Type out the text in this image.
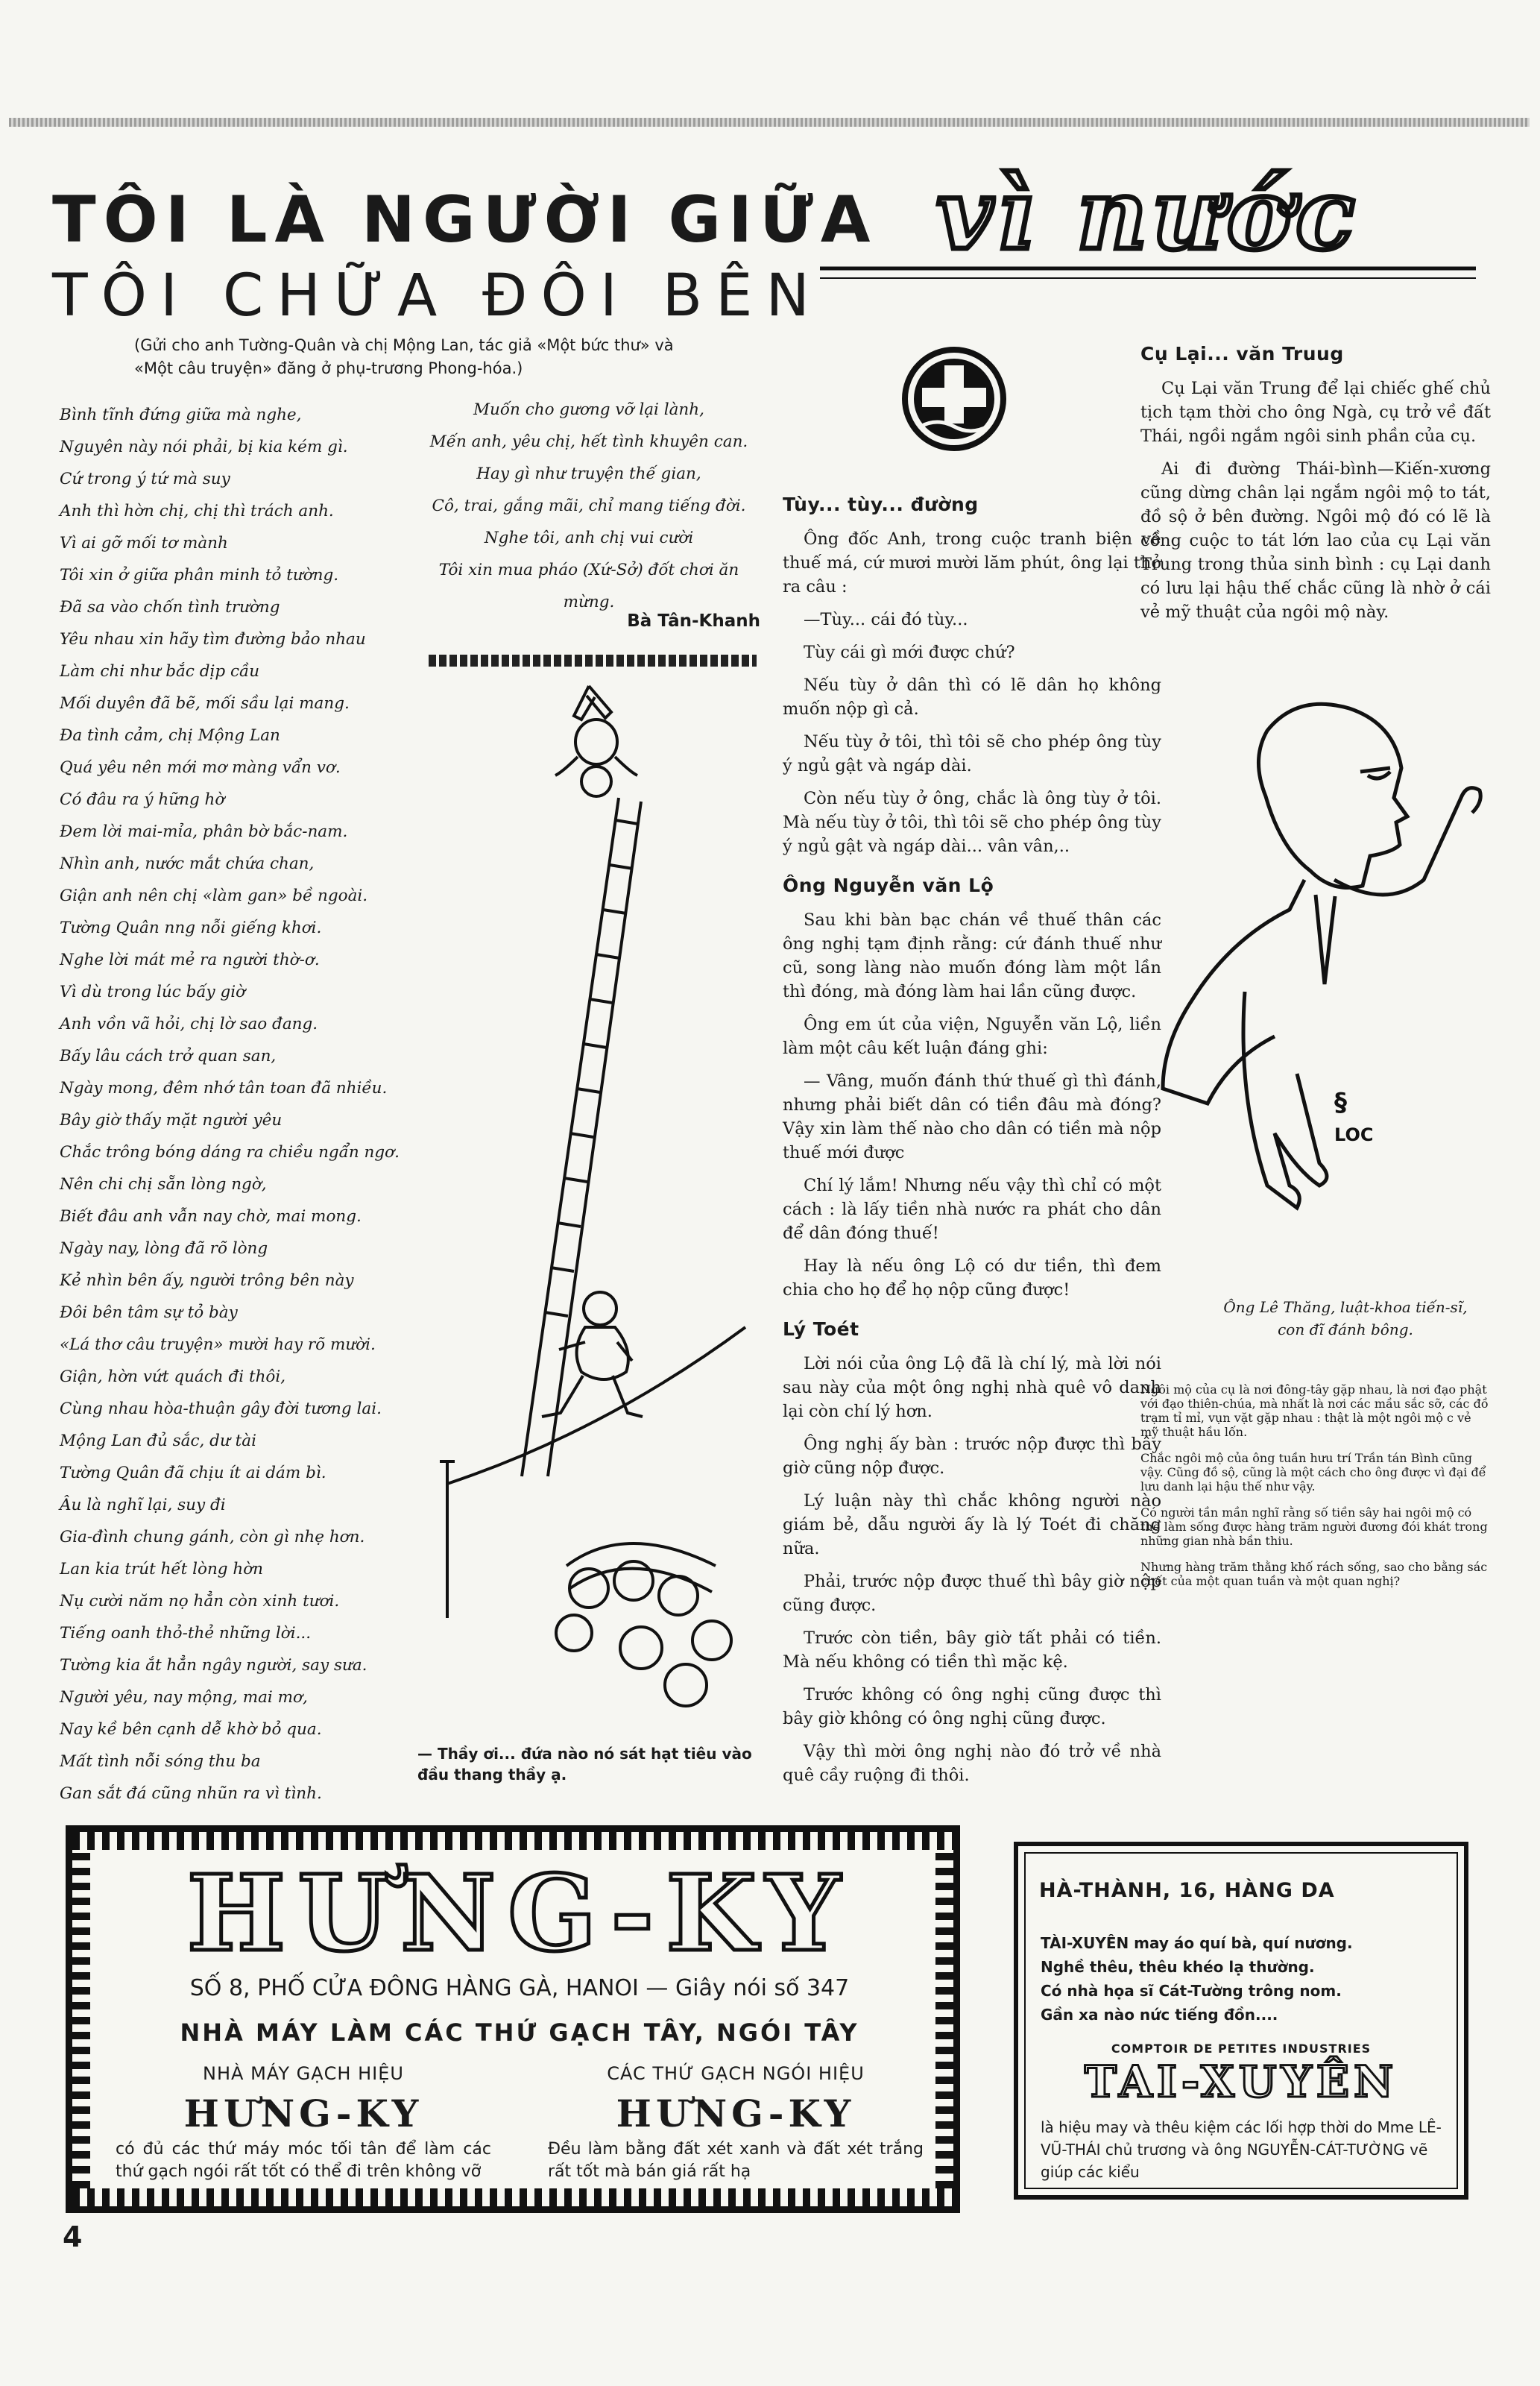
TÔI LÀ NGƯỜI GIỮA
TÔI CHỮA ĐÔI BÊN
vì nước
(Gửi cho anh Tường-Quân và chị Mộng Lan, tác giả «Một bức thư» và «Một câu truyện» đăng ở phụ-trương Phong-hóa.)
Bình tĩnh đứng giữa mà nghe,
Nguyên này nói phải, bị kia kém gì.
Cứ trong ý tứ mà suy
Anh thì hờn chị, chị thì trách anh.
Vì ai gỡ mối tơ mành
Tôi xin ở giữa phân minh tỏ tường.
Đã sa vào chốn tình trường
Yêu nhau xin hãy tìm đường bảo nhau
Làm chi như bắc dịp cầu
Mối duyên đã bẽ, mối sầu lại mang.
Đa tình cảm, chị Mộng Lan
Quá yêu nên mới mơ màng vẩn vơ.
Có đâu ra ý hững hờ
Đem lời mai-mỉa, phân bờ bắc-nam.
Nhìn anh, nước mắt chứa chan,
Giận anh nên chị «làm gan» bề ngoài.
Tường Quân nng nỗi giếng khơi.
Nghe lời mát mẻ ra người thờ-ơ.
Vì dù trong lúc bấy giờ
Anh vồn vã hỏi, chị lờ sao đang.
Bấy lâu cách trở quan san,
Ngày mong, đêm nhớ tân toan đã nhiều.
Bây giờ thấy mặt người yêu
Chắc trông bóng dáng ra chiều ngẩn ngơ.
Nên chi chị sẵn lòng ngờ,
Biết đâu anh vẫn nay chờ, mai mong.
Ngày nay, lòng đã rõ lòng
Kẻ nhìn bên ấy, người trông bên này
Đôi bên tâm sự tỏ bày
«Lá thơ câu truyện» mười hay rõ mười.
Giận, hờn vứt quách đi thôi,
Cùng nhau hòa-thuận gây đời tương lai.
Mộng Lan đủ sắc, dư tài
Tường Quân đã chịu ít ai dám bì.
Âu là nghĩ lại, suy đi
Gia-đình chung gánh, còn gì nhẹ hơn.
Lan kia trút hết lòng hờn
Nụ cười năm nọ hẳn còn xinh tươi.
Tiếng oanh thỏ-thẻ những lời...
Tường kia ắt hẳn ngây người, say sưa.
Người yêu, nay mộng, mai mơ,
Nay kề bên cạnh dễ khờ bỏ qua.
Mất tình nỗi sóng thu ba
Gan sắt đá cũng nhũn ra vì tình.
Muốn cho gương vỡ lại lành,
Mến anh, yêu chị, hết tình khuyên can.
Hay gì như truyện thế gian,
Cô, trai, gắng mãi, chỉ mang tiếng đời.
Nghe tôi, anh chị vui cười
Tôi xin mua pháo (Xứ-Sở) đốt chơi ăn mừng.
Bà Tân-Khanh
— Thầy ơi... đứa nào nó sát hạt tiêu vào đầu thang thầy ạ.
Tùy... tùy... đường

Ông đốc Anh, trong cuộc tranh biện về thuế má, cứ mươi mười lăm phút, ông lại thở ra câu :

—Tùy... cái đó tùy...

Tùy cái gì mới được chứ?

Nếu tùy ở dân thì có lẽ dân họ không muốn nộp gì cả.

Nếu tùy ở tôi, thì tôi sẽ cho phép ông tùy ý ngủ gật và ngáp dài.

Còn nếu tùy ở ông, chắc là ông tùy ở tôi. Mà nếu tùy ở tôi, thì tôi sẽ cho phép ông tùy ý ngủ gật và ngáp dài... vân vân,..

Ông Nguyễn văn Lộ

Sau khi bàn bạc chán về thuế thân các ông nghị tạm định rằng: cứ đánh thuế như cũ, song làng nào muốn đóng làm một lần thì đóng, mà đóng làm hai lần cũng được.

Ông em út của viện, Nguyễn văn Lộ, liền làm một câu kết luận đáng ghi:

— Vâng, muốn đánh thứ thuế gì thì đánh, nhưng phải biết dân có tiền đâu mà đóng? Vậy xin làm thế nào cho dân có tiền mà nộp thuế mới được

Chí lý lắm! Nhưng nếu vậy thì chỉ có một cách : là lấy tiền nhà nước ra phát cho dân để dân đóng thuế!

Hay là nếu ông Lộ có dư tiền, thì đem chia cho họ để họ nộp cũng được!

Lý Toét

Lời nói của ông Lộ đã là chí lý, mà lời nói sau này của một ông nghị nhà quê vô danh lại còn chí lý hơn.

Ông nghị ấy bàn : trước nộp được thì bây giờ cũng nộp được.

Lý luận này thì chắc không người nào giám bẻ, dẫu người ấy là lý Toét đi chăng nữa.

Phải, trước nộp được thuế thì bây giờ nộp cũng được.

Trước còn tiền, bây giờ tất phải có tiền. Mà nếu không có tiền thì mặc kệ.

Trước không có ông nghị cũng được thì bây giờ không có ông nghị cũng được.

Vậy thì mời ông nghị nào đó trở về nhà quê cầy ruộng đi thôi.

Cụ Lại... văn Truug

Cụ Lại văn Trung để lại chiếc ghế chủ tịch tạm thời cho ông Ngà, cụ trở về đất Thái, ngồi ngắm ngôi sinh phần của cụ.

Ai đi đường Thái-bình—Kiến-xương cũng dừng chân lại ngắm ngôi mộ to tát, đồ sộ ở bên đường. Ngôi mộ đó có lẽ là công cuộc to tát lớn lao của cụ Lại văn Trung trong thủa sinh bình : cụ Lại danh có lưu lại hậu thế chắc cũng là nhờ ở cái vẻ mỹ thuật của ngôi mộ này.

§
LOC
Ông Lê Thăng, luật-khoa tiến-sĩ, con đĩ đánh bông.

Ngôi mộ của cụ là nơi đông-tây gặp nhau, là nơi đạo phật với đạo thiên-chúa, mà nhất là nơi các mầu sắc sỡ, các đồ trạm tỉ mỉ, vụn vặt gặp nhau : thật là một ngôi mộ c vẻ mỹ thuật hầu lốn.

Chắc ngôi mộ của ông tuần hưu trí Trần tán Bình cũng vậy. Cũng đồ sộ, cũng là một cách cho ông được vì đại để lưu danh lại hậu thế như vậy.

Có người tần mần nghĩ rằng số tiền sây hai ngôi mộ có thể làm sống được hàng trăm người đương đói khát trong những gian nhà bần thiu.

Nhưng hàng trăm thằng khố rách sống, sao cho bằng sác chết của một quan tuần và một quan nghị?

HƯNG-KY
SỐ 8, PHỐ CỬA ĐÔNG HÀNG GÀ, HANOI — Giây nói số 347
NHÀ MÁY LÀM CÁC THỨ GẠCH TÂY, NGÓI TÂY
NHÀ MÁY GẠCH HIỆU
HƯNG-KY
có đủ các thứ máy móc tối tân để làm các thứ gạch ngói rất tốt có thể đi trên không vỡ
CÁC THỨ GẠCH NGÓI HIỆU
HƯNG-KY
Đều làm bằng đất xét xanh và đất xét trắng rất tốt mà bán giá rất hạ
HÀ-THÀNH, 16, HÀNG DA
TÀI-XUYÊN may áo quí bà, quí nương.
Nghề thêu, thêu khéo lạ thường.
Có nhà họa sĩ Cát-Tường trông nom.
Gần xa nào nức tiếng đồn....
COMPTOIR DE PETITES INDUSTRIES
TAI-XUYÊN
là hiệu may và thêu kiệm các lối hợp thời do Mme LÊ-VŨ-THÁI chủ trương và ông NGUYỄN-CÁT-TƯỜNG vẽ giúp các kiểu
4
